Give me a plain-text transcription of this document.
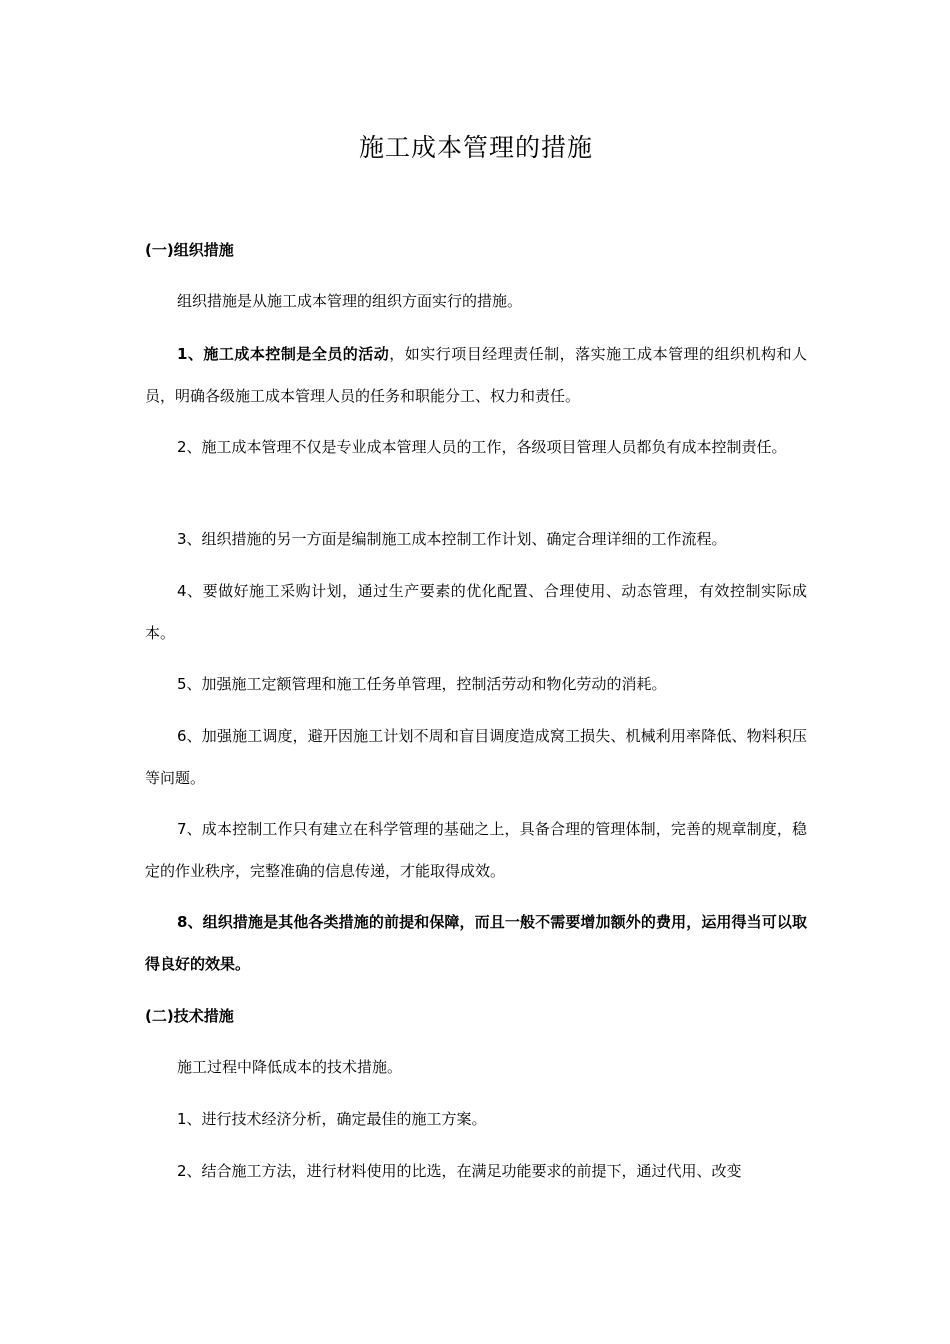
施工成本管理的措施
(一)组织措施

组织措施是从施工成本管理的组织方面实行的措施。

1、施工成本控制是全员的活动，如实行项目经理责任制，落实施工成本管理的组织机构和人员，明确各级施工成本管理人员的任务和职能分工、权力和责任。

2、施工成本管理不仅是专业成本管理人员的工作，各级项目管理人员都负有成本控制责任。

3、组织措施的另一方面是编制施工成本控制工作计划、确定合理详细的工作流程。

4、要做好施工采购计划，通过生产要素的优化配置、合理使用、动态管理，有效控制实际成本。

5、加强施工定额管理和施工任务单管理，控制活劳动和物化劳动的消耗。

6、加强施工调度，避开因施工计划不周和盲目调度造成窝工损失、机械利用率降低、物料积压等问题。

7、成本控制工作只有建立在科学管理的基础之上，具备合理的管理体制，完善的规章制度，稳定的作业秩序，完整准确的信息传递，才能取得成效。

8、组织措施是其他各类措施的前提和保障，而且一般不需要增加额外的费用，运用得当可以取得良好的效果。

(二)技术措施

施工过程中降低成本的技术措施。

1、进行技术经济分析，确定最佳的施工方案。

2、结合施工方法，进行材料使用的比选，在满足功能要求的前提下，通过代用、改变
